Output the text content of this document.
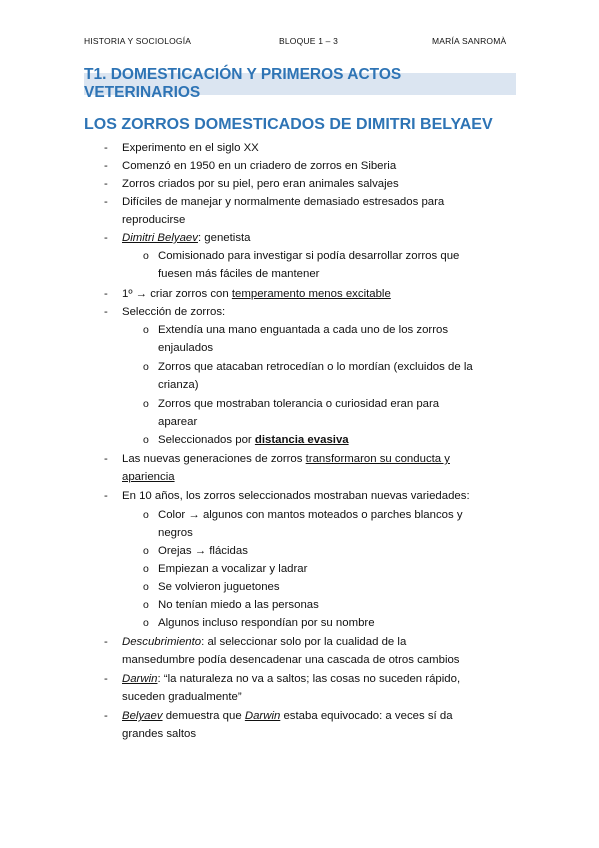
HISTORIA Y SOCIOLOGÍA	BLOQUE 1 – 3	MARÍA SANROMÀ
T1. DOMESTICACIÓN Y PRIMEROS ACTOS VETERINARIOS
LOS ZORROS DOMESTICADOS DE DIMITRI BELYAEV
- Experimento en el siglo XX
- Comenzó en 1950 en un criadero de zorros en Siberia
- Zorros criados por su piel, pero eran animales salvajes
- Difíciles de manejar y normalmente demasiado estresados para
reproducirse
- Dimitri Belyaev: genetista
o Comisionado para investigar si podía desarrollar zorros que
fuesen más fáciles de mantener
- 1º → criar zorros con temperamento menos excitable
- Selección de zorros:
o Extendía una mano enguantada a cada uno de los zorros
enjaulados
o Zorros que atacaban retrocedían o lo mordían (excluidos de la
crianza)
o Zorros que mostraban tolerancia o curiosidad eran para
aparear
o Seleccionados por distancia evasiva
- Las nuevas generaciones de zorros transformaron su conducta y
apariencia
- En 10 años, los zorros seleccionados mostraban nuevas variedades:
o Color → algunos con mantos moteados o parches blancos y
negros
o Orejas → flácidas
o Empiezan a vocalizar y ladrar
o Se volvieron juguetones
o No tenían miedo a las personas
o Algunos incluso respondían por su nombre
- Descubrimiento: al seleccionar solo por la cualidad de la
mansedumbre podía desencadenar una cascada de otros cambios
- Darwin: “la naturaleza no va a saltos; las cosas no suceden rápido,
suceden gradualmente”
- Belyaev demuestra que Darwin estaba equivocado: a veces sí da
grandes saltos
